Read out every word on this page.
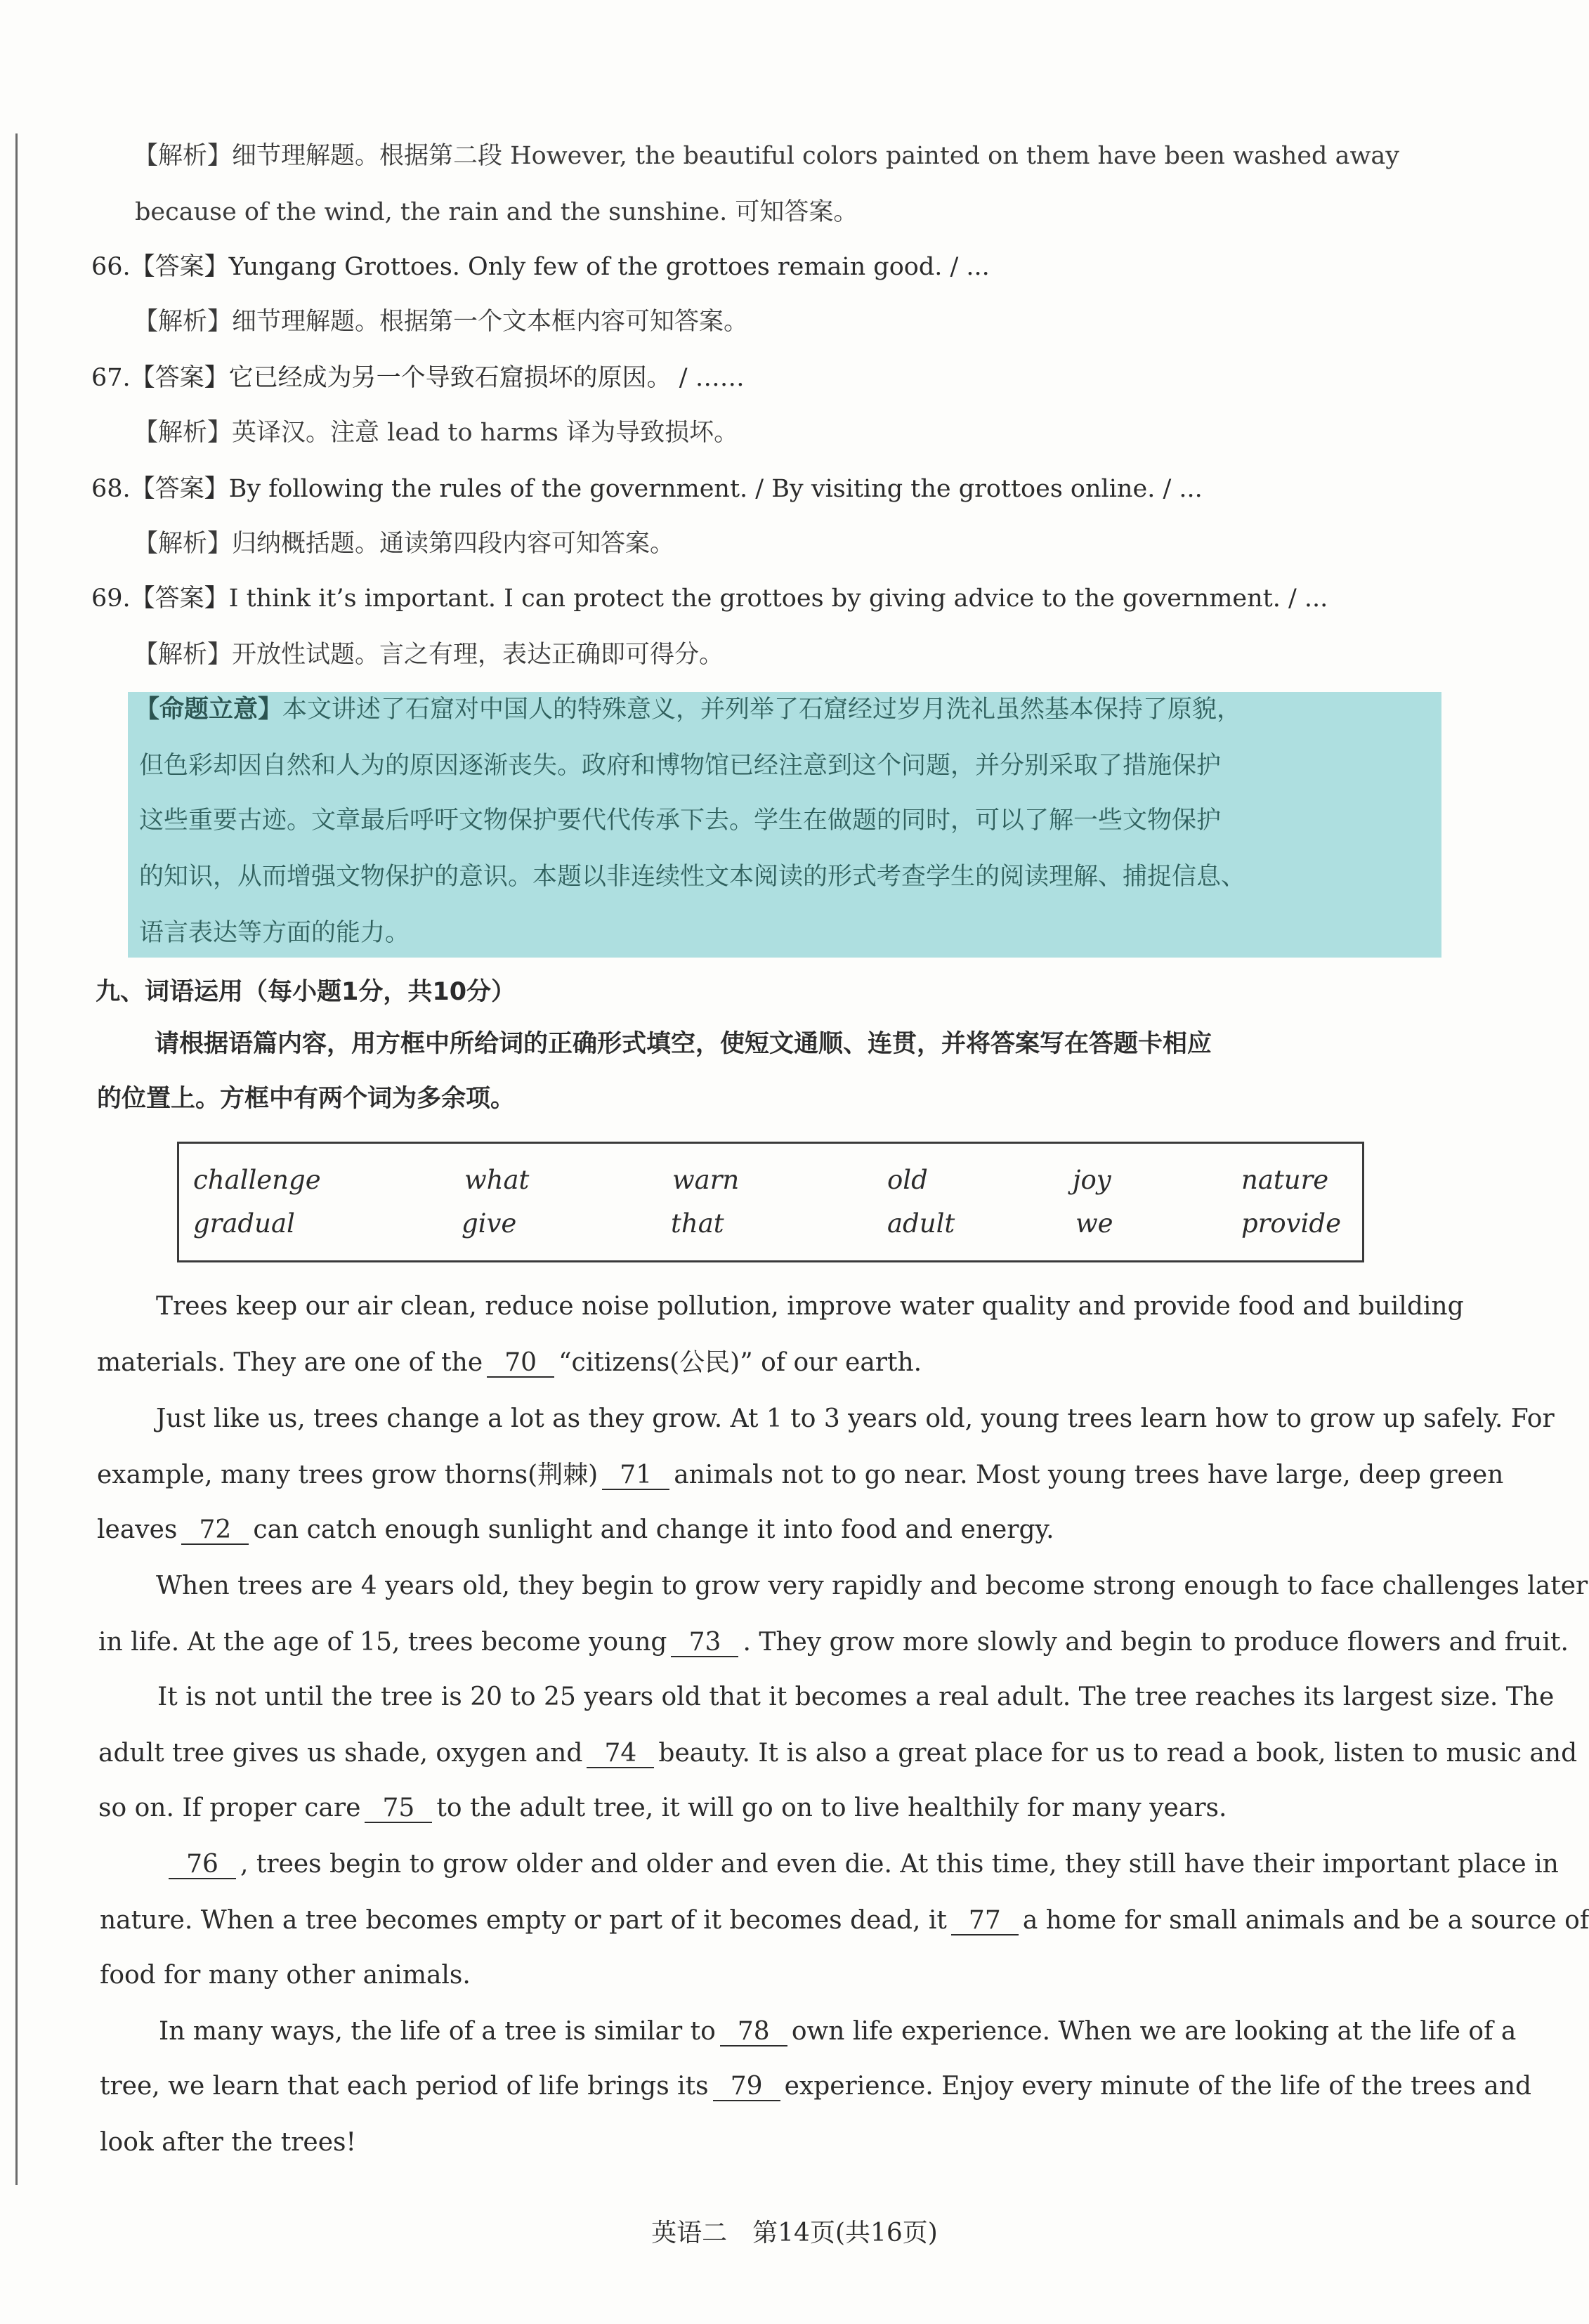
【解析】细节理解题。根据第二段 However, the beautiful colors painted on them have been washed away
because of the wind, the rain and the sunshine. 可知答案。
66.【答案】Yungang Grottoes. Only few of the grottoes remain good. / ...
【解析】细节理解题。根据第一个文本框内容可知答案。
67.【答案】它已经成为另一个导致石窟损坏的原因。 / ……
【解析】英译汉。注意 lead to harms 译为导致损坏。
68.【答案】By following the rules of the government. / By visiting the grottoes online. / ...
【解析】归纳概括题。通读第四段内容可知答案。
69.【答案】I think it’s important. I can protect the grottoes by giving advice to the government. / ...
【解析】开放性试题。言之有理，表达正确即可得分。
【命题立意】本文讲述了石窟对中国人的特殊意义，并列举了石窟经过岁月洗礼虽然基本保持了原貌，
但色彩却因自然和人为的原因逐渐丧失。政府和博物馆已经注意到这个问题，并分别采取了措施保护
这些重要古迹。文章最后呼吁文物保护要代代传承下去。学生在做题的同时，可以了解一些文物保护
的知识，从而增强文物保护的意识。本题以非连续性文本阅读的形式考查学生的阅读理解、捕捉信息、
语言表达等方面的能力。
九、词语运用（每小题1分，共10分）
请根据语篇内容，用方框中所给词的正确形式填空，使短文通顺、连贯，并将答案写在答题卡相应
的位置上。方框中有两个词为多余项。
challenge	what	warn	old	joy	nature
gradual	give	that	adult	we	provide
Trees keep our air clean, reduce noise pollution, improve water quality and provide food and building
materials. They are one of the 70 “citizens(公民)” of our earth.
Just like us, trees change a lot as they grow. At 1 to 3 years old, young trees learn how to grow up safely. For
example, many trees grow thorns(荆棘) 71 animals not to go near. Most young trees have large, deep green
leaves 72 can catch enough sunlight and change it into food and energy.
When trees are 4 years old, they begin to grow very rapidly and become strong enough to face challenges later
in life. At the age of 15, trees become young 73 . They grow more slowly and begin to produce flowers and fruit.
It is not until the tree is 20 to 25 years old that it becomes a real adult. The tree reaches its largest size. The
adult tree gives us shade, oxygen and 74 beauty. It is also a great place for us to read a book, listen to music and
so on. If proper care 75 to the adult tree, it will go on to live healthily for many years.
76 , trees begin to grow older and older and even die. At this time, they still have their important place in
nature. When a tree becomes empty or part of it becomes dead, it 77 a home for small animals and be a source of
food for many other animals.
In many ways, the life of a tree is similar to 78 own life experience. When we are looking at the life of a
tree, we learn that each period of life brings its 79 experience. Enjoy every minute of the life of the trees and
look after the trees!
英语二　第14页(共16页)
